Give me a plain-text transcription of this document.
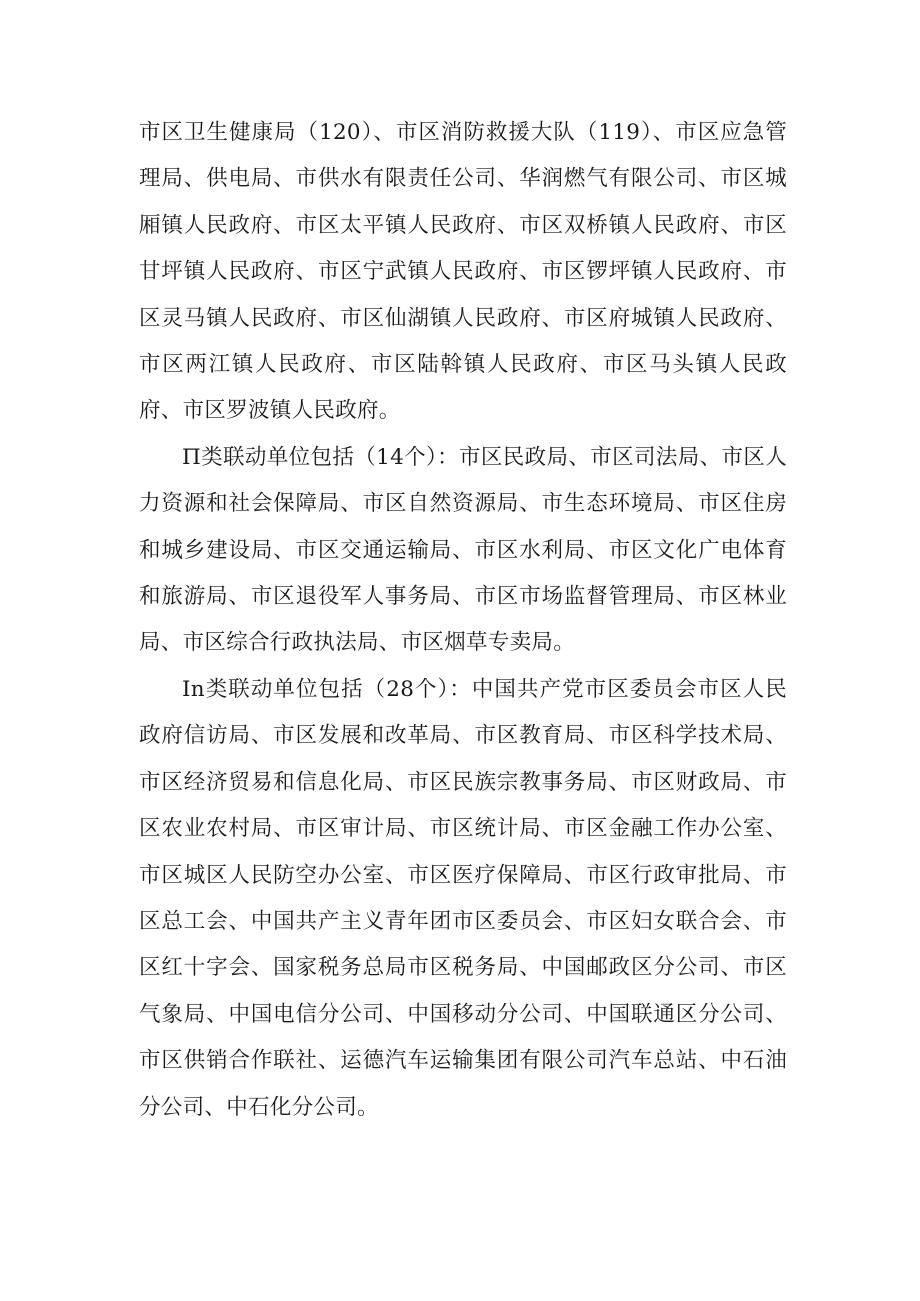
市区卫生健康局（120）、市区消防救援大队（119）、市区应急管理局、供电局、市供水有限责任公司、华润燃气有限公司、市区城厢镇人民政府、市区太平镇人民政府、市区双桥镇人民政府、市区甘坪镇人民政府、市区宁武镇人民政府、市区锣坪镇人民政府、市区灵马镇人民政府、市区仙湖镇人民政府、市区府城镇人民政府、市区两江镇人民政府、市区陆斡镇人民政府、市区马头镇人民政府、市区罗波镇人民政府。

Π类联动单位包括（14个）：市区民政局、市区司法局、市区人力资源和社会保障局、市区自然资源局、市生态环境局、市区住房和城乡建设局、市区交通运输局、市区水利局、市区文化广电体育和旅游局、市区退役军人事务局、市区市场监督管理局、市区林业局、市区综合行政执法局、市区烟草专卖局。

In类联动单位包括（28个）：中国共产党市区委员会市区人民政府信访局、市区发展和改革局、市区教育局、市区科学技术局、市区经济贸易和信息化局、市区民族宗教事务局、市区财政局、市区农业农村局、市区审计局、市区统计局、市区金融工作办公室、市区城区人民防空办公室、市区医疗保障局、市区行政审批局、市区总工会、中国共产主义青年团市区委员会、市区妇女联合会、市区红十字会、国家税务总局市区税务局、中国邮政区分公司、市区气象局、中国电信分公司、中国移动分公司、中国联通区分公司、市区供销合作联社、运德汽车运输集团有限公司汽车总站、中石油分公司、中石化分公司。
